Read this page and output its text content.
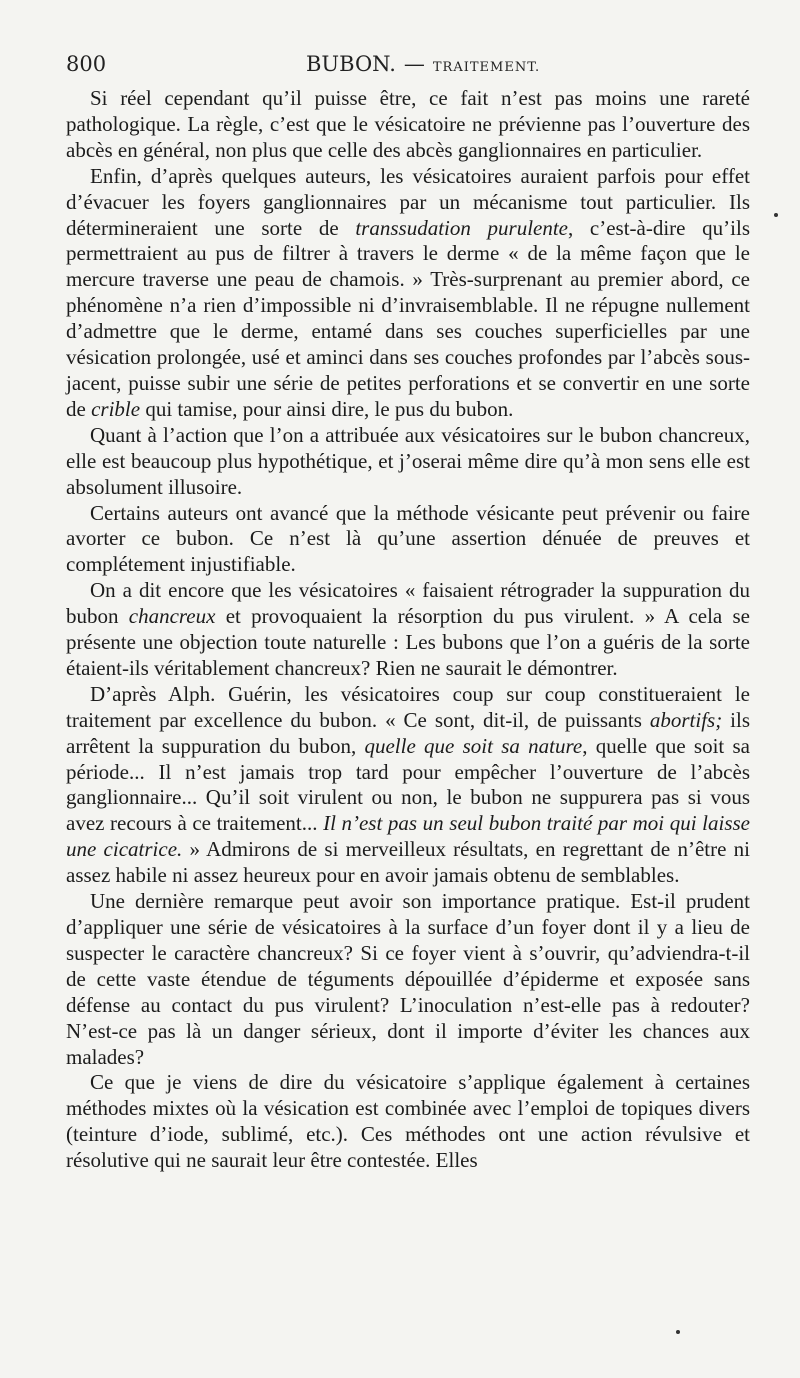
800	BUBON. — TRAITEMENT.

Si réel cependant qu’il puisse être, ce fait n’est pas moins une rareté pathologique. La règle, c’est que le vésicatoire ne prévienne pas l’ouverture des abcès en général, non plus que celle des abcès ganglionnaires en particulier.

Enfin, d’après quelques auteurs, les vésicatoires auraient parfois pour effet d’évacuer les foyers ganglionnaires par un mécanisme tout particulier. Ils détermineraient une sorte de transsudation purulente, c’est-à-dire qu’ils permettraient au pus de filtrer à travers le derme « de la même façon que le mercure traverse une peau de chamois. » Très-surprenant au premier abord, ce phénomène n’a rien d’impossible ni d’invraisemblable. Il ne répugne nullement d’admettre que le derme, entamé dans ses couches superficielles par une vésication prolongée, usé et aminci dans ses couches profondes par l’abcès sous-jacent, puisse subir une série de petites perforations et se convertir en une sorte de crible qui tamise, pour ainsi dire, le pus du bubon.

Quant à l’action que l’on a attribuée aux vésicatoires sur le bubon chancreux, elle est beaucoup plus hypothétique, et j’oserai même dire qu’à mon sens elle est absolument illusoire.

Certains auteurs ont avancé que la méthode vésicante peut prévenir ou faire avorter ce bubon. Ce n’est là qu’une assertion dénuée de preuves et complétement injustifiable.

On a dit encore que les vésicatoires « faisaient rétrograder la suppuration du bubon chancreux et provoquaient la résorption du pus virulent. » A cela se présente une objection toute naturelle : Les bubons que l’on a guéris de la sorte étaient-ils véritablement chancreux? Rien ne saurait le démontrer.

D’après Alph. Guérin, les vésicatoires coup sur coup constitueraient le traitement par excellence du bubon. « Ce sont, dit-il, de puissants abortifs; ils arrêtent la suppuration du bubon, quelle que soit sa nature, quelle que soit sa période... Il n’est jamais trop tard pour empêcher l’ouverture de l’abcès ganglionnaire... Qu’il soit virulent ou non, le bubon ne suppurera pas si vous avez recours à ce traitement... Il n’est pas un seul bubon traité par moi qui laisse une cicatrice. » Admirons de si merveilleux résultats, en regrettant de n’être ni assez habile ni assez heureux pour en avoir jamais obtenu de semblables.

Une dernière remarque peut avoir son importance pratique. Est-il prudent d’appliquer une série de vésicatoires à la surface d’un foyer dont il y a lieu de suspecter le caractère chancreux? Si ce foyer vient à s’ouvrir, qu’adviendra-t-il de cette vaste étendue de téguments dépouillée d’épiderme et exposée sans défense au contact du pus virulent? L’inoculation n’est-elle pas à redouter? N’est-ce pas là un danger sérieux, dont il importe d’éviter les chances aux malades?

Ce que je viens de dire du vésicatoire s’applique également à certaines méthodes mixtes où la vésication est combinée avec l’emploi de topiques divers (teinture d’iode, sublimé, etc.). Ces méthodes ont une action révulsive et résolutive qui ne saurait leur être contestée. Elles
